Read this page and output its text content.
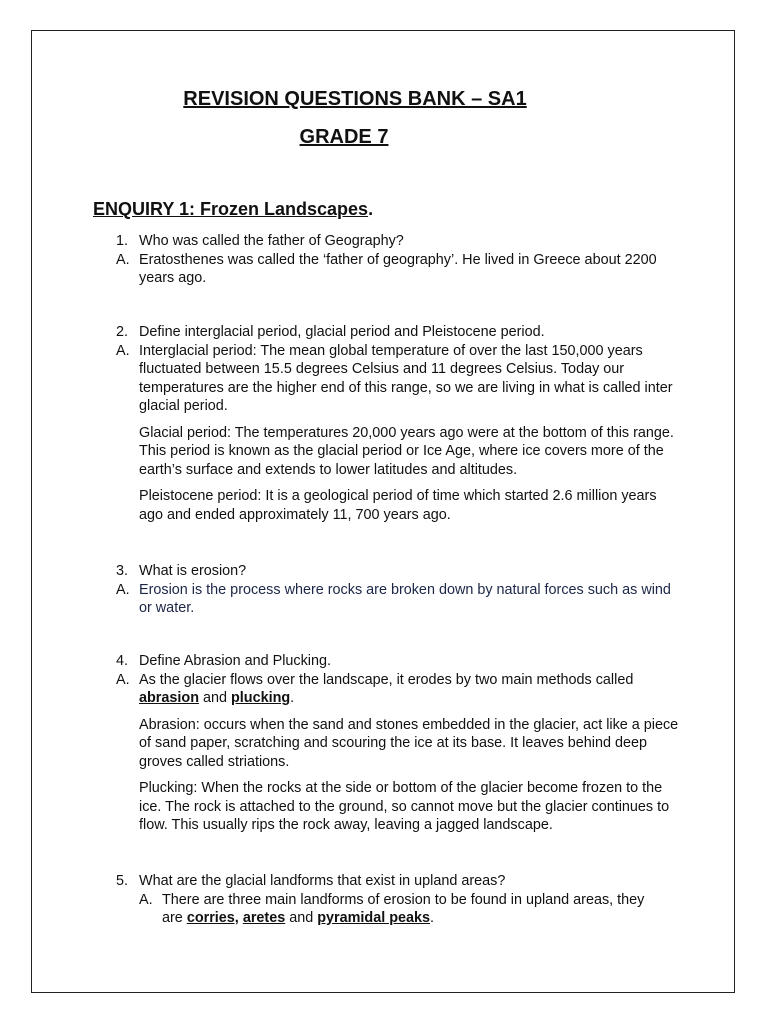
REVISION QUESTIONS BANK – SA1
GRADE 7
ENQUIRY 1: Frozen Landscapes.
1. Who was called the father of Geography?
A. Eratosthenes was called the ‘father of geography’. He lived in Greece about 2200 years ago.
2. Define interglacial period, glacial period and Pleistocene period.
A. Interglacial period: The mean global temperature of over the last 150,000 years fluctuated between 15.5 degrees Celsius and 11 degrees Celsius. Today our temperatures are the higher end of this range, so we are living in what is called inter glacial period.
Glacial period: The temperatures 20,000 years ago were at the bottom of this range. This period is known as the glacial period or Ice Age, where ice covers more of the earth’s surface and extends to lower latitudes and altitudes.
Pleistocene period: It is a geological period of time which started 2.6 million years ago and ended approximately 11, 700 years ago.
3. What is erosion?
A. Erosion is the process where rocks are broken down by natural forces such as wind or water.
4. Define Abrasion and Plucking.
A. As the glacier flows over the landscape, it erodes by two main methods called abrasion and plucking.
Abrasion: occurs when the sand and stones embedded in the glacier, act like a piece of sand paper, scratching and scouring the ice at its base. It leaves behind deep groves called striations.
Plucking: When the rocks at the side or bottom of the glacier become frozen to the ice. The rock is attached to the ground, so cannot move but the glacier continues to flow. This usually rips the rock away, leaving a jagged landscape.
5. What are the glacial landforms that exist in upland areas?
A. There are three main landforms of erosion to be found in upland areas, they are corries, aretes and pyramidal peaks.
